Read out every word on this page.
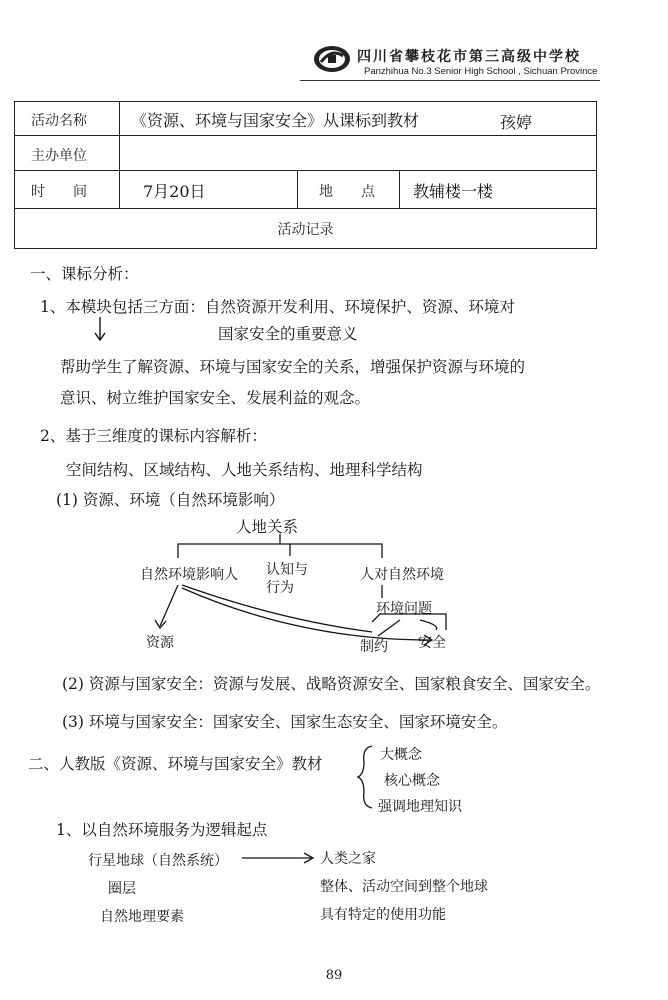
四川省攀枝花市第三高级中学校
Panzhihua No.3 Senior High School , Sichuan Province
活动名称	《资源、环境与国家安全》从课标到教材	孩婷
主办单位
时　　间	7月20日	地　　点 教辅楼一楼
活动记录
一、课标分析：
1、本模块包括三方面：自然资源开发利用、环境保护、资源、环境对
国家安全的重要意义
帮助学生了解资源、环境与国家安全的关系，增强保护资源与环境的
意识、树立维护国家安全、发展利益的观念。
2、基于三维度的课标内容解析：
空间结构、区域结构、人地关系结构、地理科学结构
(1) 资源、环境（自然环境影响）
人地关系
自然环境影响人 认知与行为
人对自然环境
环境问题
资源	制约 安全
(2) 资源与国家安全：资源与发展、战略资源安全、国家粮食安全、国家安全。
(3) 环境与国家安全：国家安全、国家生态安全、国家环境安全。
二、人教版《资源、环境与国家安全》教材	大概念
核心概念
强调地理知识
1、以自然环境服务为逻辑起点
行星地球（自然系统）	人类之家
圈层	整体、活动空间到整个地球
自然地理要素	具有特定的使用功能
89
